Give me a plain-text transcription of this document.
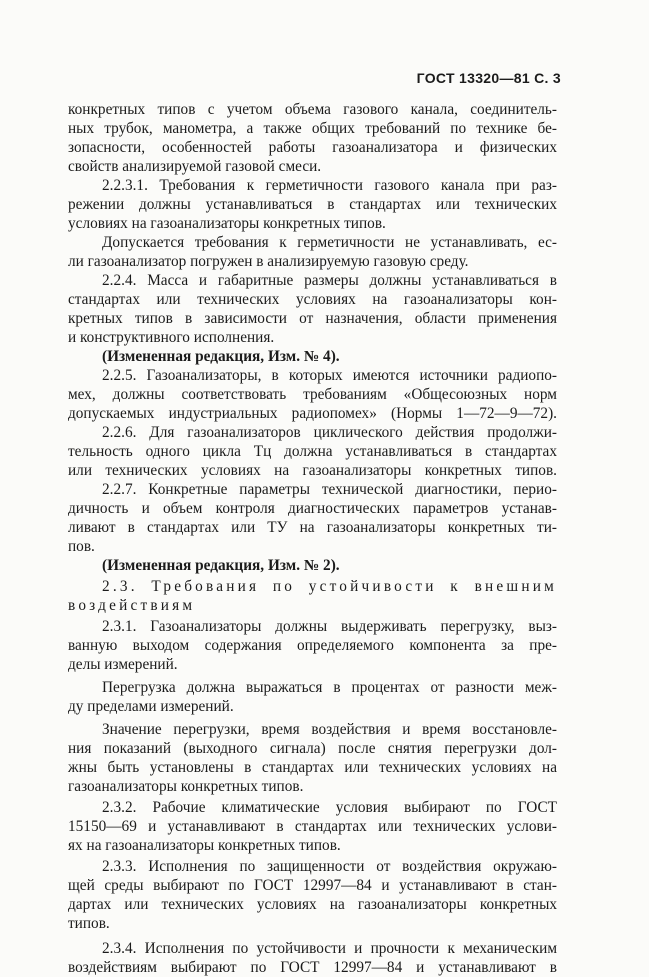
ГОСТ 13320—81 С. 3
конкретных типов с учетом объема газового канала, соединитель-
ных трубок, манометра, а также общих требований по технике бе-
зопасности, особенностей работы газоанализатора и физических
свойств анализируемой газовой смеси.
2.2.3.1. Требования к герметичности газового канала при раз-
режении должны устанавливаться в стандартах или технических
условиях на газоанализаторы конкретных типов.
Допускается требования к герметичности не устанавливать, ес-
ли газоанализатор погружен в анализируемую газовую среду.
2.2.4. Масса и габаритные размеры должны устанавливаться в
стандартах или технических условиях на газоанализаторы кон-
кретных типов в зависимости от назначения, области применения
и конструктивного исполнения.
(Измененная редакция, Изм. № 4).
2.2.5. Газоанализаторы, в которых имеются источники радиопо-
мех, должны соответствовать требованиям «Общесоюзных норм
допускаемых индустриальных радиопомех» (Нормы 1—72—9—72).
2.2.6. Для газоанализаторов циклического действия продолжи-
тельность одного цикла Tц должна устанавливаться в стандартах
или технических условиях на газоанализаторы конкретных типов.
2.2.7. Конкретные параметры технической диагностики, перио-
дичность и объем контроля диагностических параметров устанав-
ливают в стандартах или ТУ на газоанализаторы конкретных ти-
пов.
(Измененная редакция, Изм. № 2).
2.3. Требования по устойчивости к внешним
воздействиям
2.3.1. Газоанализаторы должны выдерживать перегрузку, выз-
ванную выходом содержания определяемого компонента за пре-
делы измерений.
Перегрузка должна выражаться в процентах от разности меж-
ду пределами измерений.
Значение перегрузки, время воздействия и время восстановле-
ния показаний (выходного сигнала) после снятия перегрузки дол-
жны быть установлены в стандартах или технических условиях на
газоанализаторы конкретных типов.
2.3.2. Рабочие климатические условия выбирают по ГОСТ
15150—69 и устанавливают в стандартах или технических услови-
ях на газоанализаторы конкретных типов.
2.3.3. Исполнения по защищенности от воздействия окружаю-
щей среды выбирают по ГОСТ 12997—84 и устанавливают в стан-
дартах или технических условиях на газоанализаторы конкретных
типов.
2.3.4. Исполнения по устойчивости и прочности к механическим
воздействиям выбирают по ГОСТ 12997—84 и устанавливают в
